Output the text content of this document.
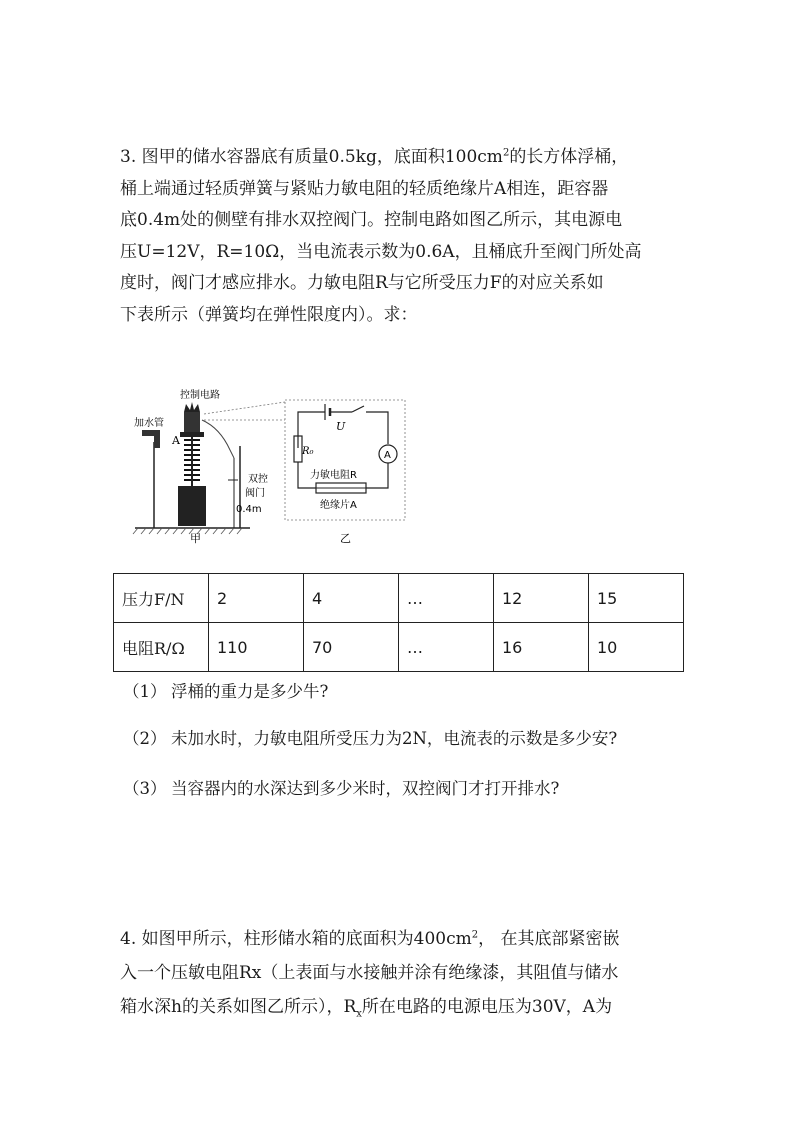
3. 图甲的储水容器底有质量0.5kg，底面积$100cm^2$的长方体浮桶，
桶上端通过轻质弹簧与紧贴力敏电阻的轻质绝缘片A相连，距容器
底0.4m处的侧壁有排水双控阀门。控制电路如图乙所示，其电源电
压U=12V，R=10Ω，当电流表示数为0.6A，且桶底升至阀门所处高
度时，阀门才感应排水。力敏电阻R与它所受压力F的对应关系如
下表所示（弹簧均在弹性限度内）。求：
控制电路
加水管
A
双控
阀门
0.4m
甲
U
R₀	A
力敏电阻R
绝缘片A
乙
压力F/N	2	4	…	12	15
电阻R/Ω	110	70	…	16	10

（1） 浮桶的重力是多少牛?

（2） 未加水时，力敏电阻所受压力为2N，电流表的示数是多少安?

（3） 当容器内的水深达到多少米时，双控阀门才打开排水?

4. 如图甲所示，柱形储水箱的底面积为$400cm^2$， 在其底部紧密嵌
入一个压敏电阻Rx（上表面与水接触并涂有绝缘漆，其阻值与储水
箱水深h的关系如图乙所示），$R_x$所在电路的电源电压为30V，A为
